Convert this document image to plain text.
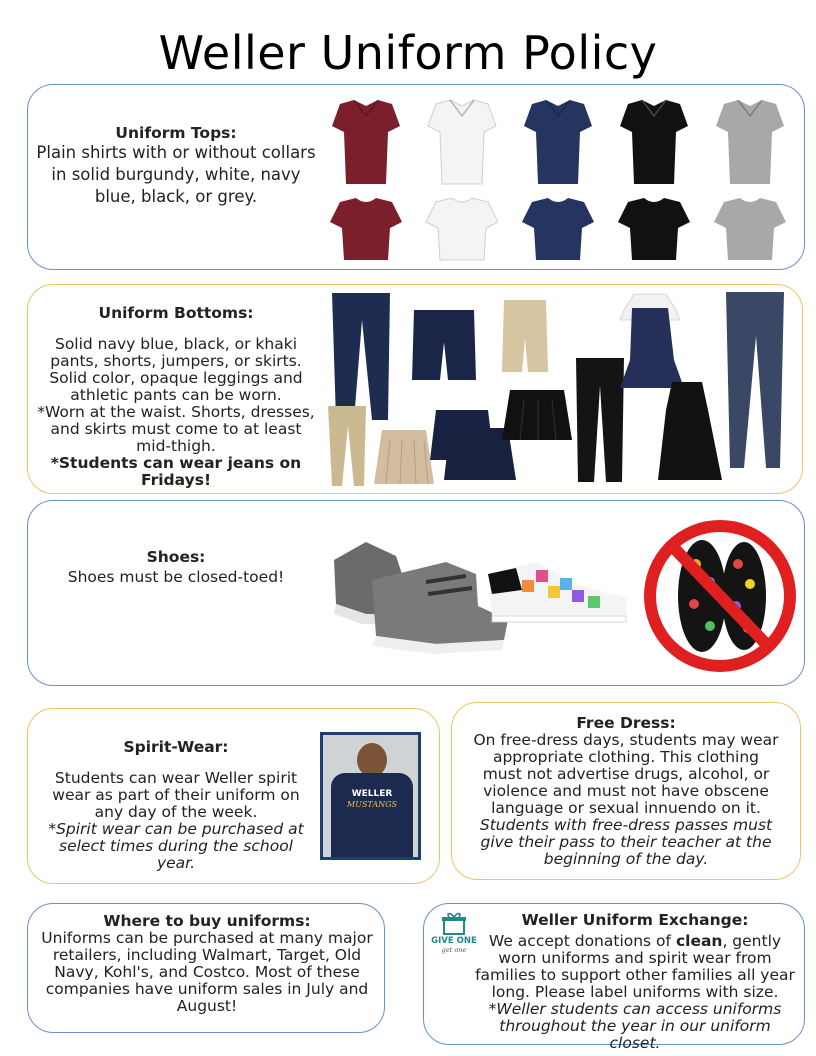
Weller Uniform Policy
Uniform Tops:
Plain shirts with or without collars in solid burgundy, white, navy blue, black, or grey.
Uniform Bottoms:
Solid navy blue, black, or khaki pants, shorts, jumpers, or skirts. Solid color, opaque leggings and athletic pants can be worn.
*Worn at the waist. Shorts, dresses, and skirts must come to at least mid-thigh.
*Students can wear jeans on Fridays!
Shoes:
Shoes must be closed-toed!
Spirit-Wear:
Students can wear Weller spirit wear as part of their uniform on any day of the week.
*Spirit wear can be purchased at select times during the school year.
WELLER
MUSTANGS
Free Dress:
On free-dress days, students may wear appropriate clothing. This clothing must not advertise drugs, alcohol, or violence and must not have obscene language or sexual innuendo on it. Students with free-dress passes must give their pass to their teacher at the beginning of the day.
Where to buy uniforms:
Uniforms can be purchased at many major retailers, including Walmart, Target, Old Navy, Kohl's, and Costco. Most of these companies have uniform sales in July and August!
GIVE ONE
get one
Weller Uniform Exchange:
We accept donations of clean, gently worn uniforms and spirit wear from families to support other families all year long. Please label uniforms with size.
*Weller students can access uniforms throughout the year in our uniform closet.
